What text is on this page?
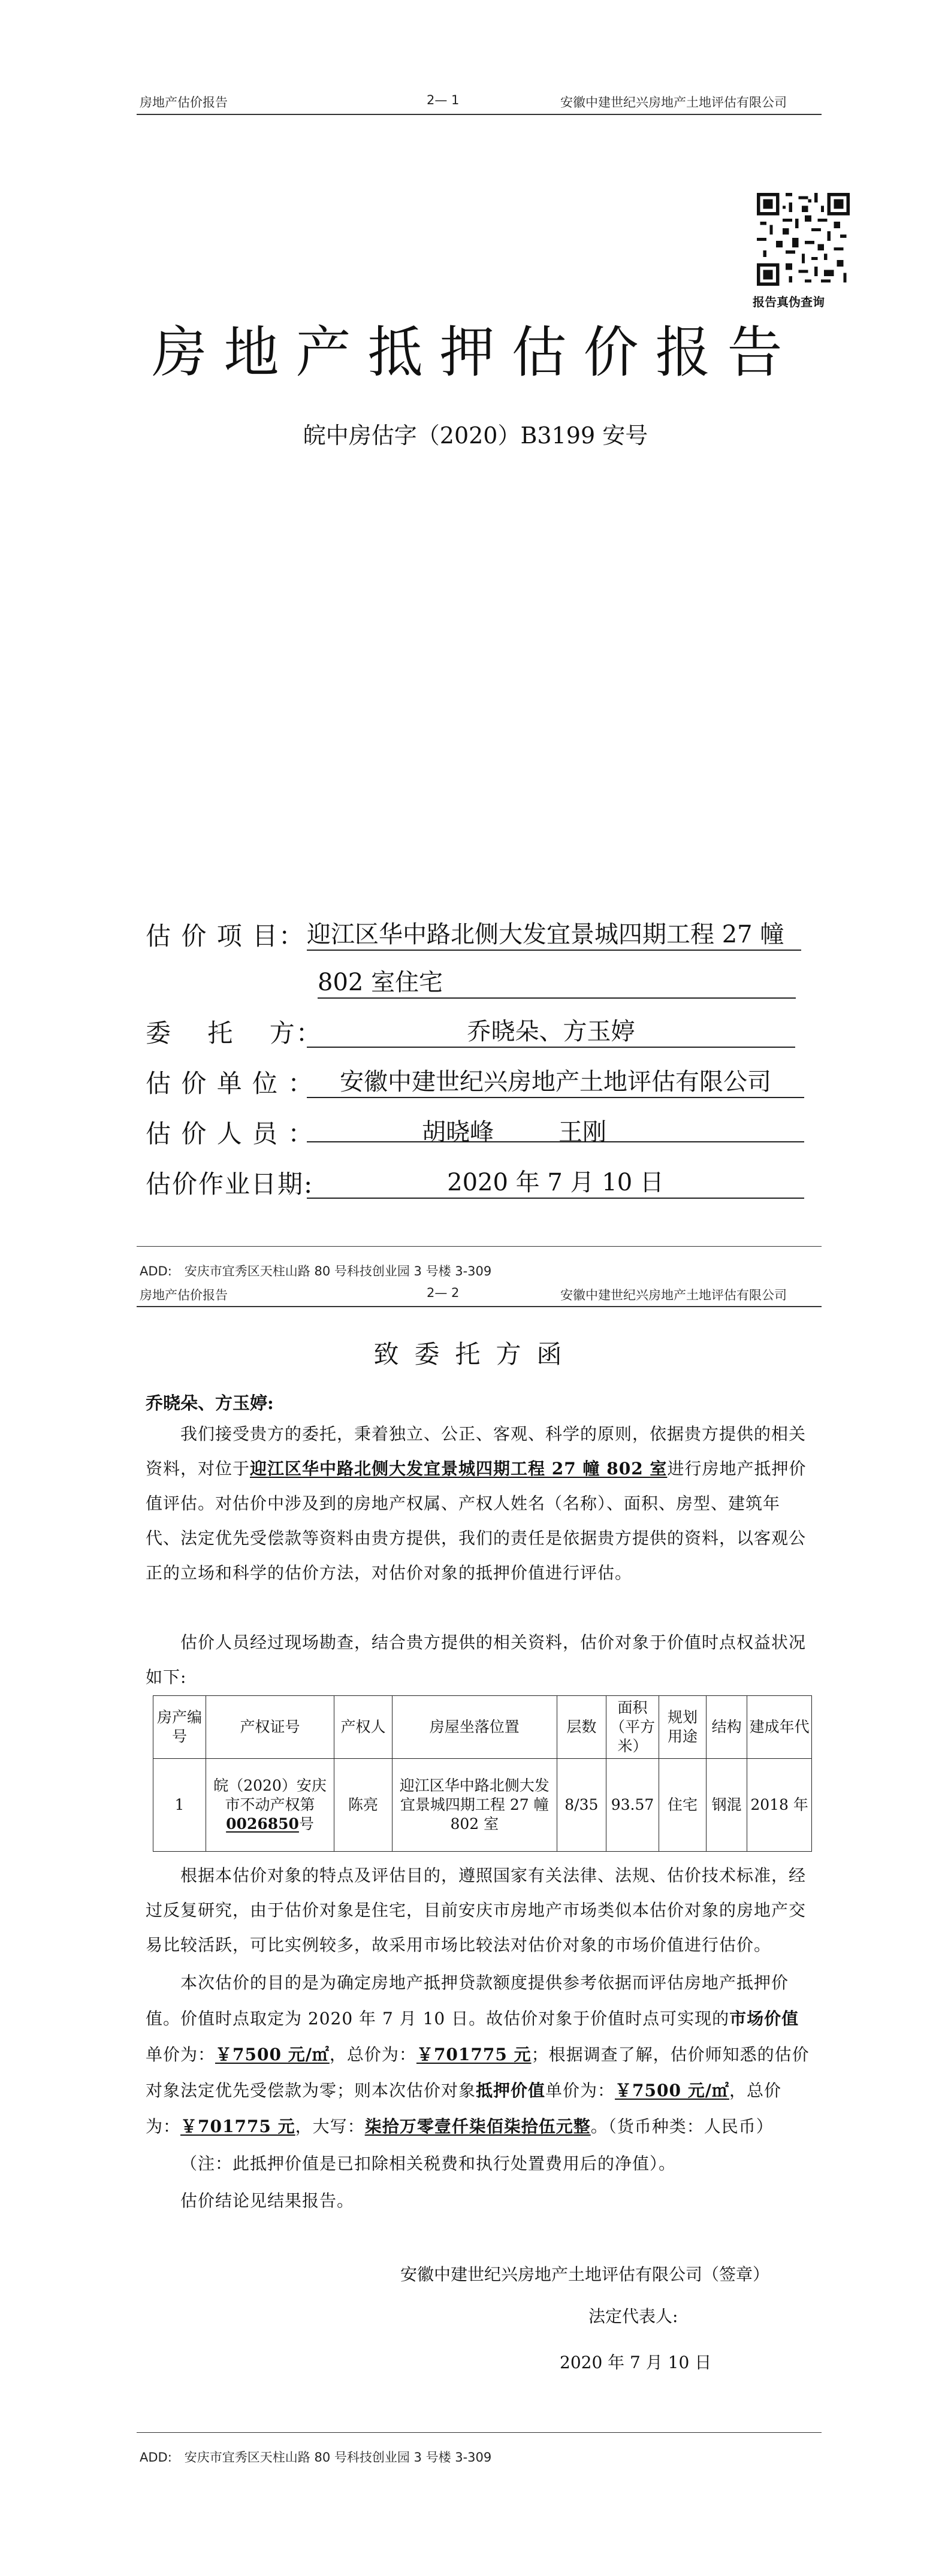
房地产估价报告	2— 1	安徽中建世纪兴房地产土地评估有限公司
报告真伪查询
房地产抵押估价报告
皖中房估字（2020）B3199 安号
估 价 项 目： 迎江区华中路北侧大发宜景城四期工程 27 幢
802 室住宅
委　 托　 方：	乔晓朵、方玉婷
估 价 单 位 ：	安徽中建世纪兴房地产土地评估有限公司
估 价 人 员 ：	胡晓峰	王刚
估价作业日期:	2020 年 7 月 10 日
ADD:　安庆市宜秀区天柱山路 80 号科技创业园 3 号楼 3-309
房地产估价报告	2— 2	安徽中建世纪兴房地产土地评估有限公司
致委托方函
乔晓朵、方玉婷:
我们接受贵方的委托，秉着独立、公正、客观、科学的原则，依据贵方提供的相关资料，对位于迎江区华中路北侧大发宜景城四期工程 27 幢 802 室进行房地产抵押价值评估。对估价中涉及到的房地产权属、产权人姓名（名称）、面积、房型、建筑年代、法定优先受偿款等资料由贵方提供，我们的责任是依据贵方提供的资料，以客观公正的立场和科学的估价方法，对估价对象的抵押价值进行评估。
估价人员经过现场勘查，结合贵方提供的相关资料，估价对象于价值时点权益状况如下:
房产编号	产权证号	产权人	房屋坐落位置	层数	面积（平方米）	规划用途	结构	建成年代
1	皖（2020）安庆市不动产权第0026850号	陈亮	迎江区华中路北侧大发宜景城四期工程 27 幢 802 室	8/35	93.57	住宅	钢混	2018 年
根据本估价对象的特点及评估目的，遵照国家有关法律、法规、估价技术标准，经过反复研究，由于估价对象是住宅，目前安庆市房地产市场类似本估价对象的房地产交易比较活跃，可比实例较多，故采用市场比较法对估价对象的市场价值进行估价。
本次估价的目的是为确定房地产抵押贷款额度提供参考依据而评估房地产抵押价值。价值时点取定为 2020 年 7 月 10 日。故估价对象于价值时点可实现的市场价值单价为：￥7500 元/㎡，总价为：￥701775 元；根据调查了解，估价师知悉的估价对象法定优先受偿款为零；则本次估价对象抵押价值单价为：￥7500 元/㎡，总价为：￥701775 元，大写：柒拾万零壹仟柒佰柒拾伍元整。（货币种类：人民币）
（注：此抵押价值是已扣除相关税费和执行处置费用后的净值）。
估价结论见结果报告。
安徽中建世纪兴房地产土地评估有限公司（签章）
法定代表人:
2020 年 7 月 10 日
ADD:　安庆市宜秀区天柱山路 80 号科技创业园 3 号楼 3-309
